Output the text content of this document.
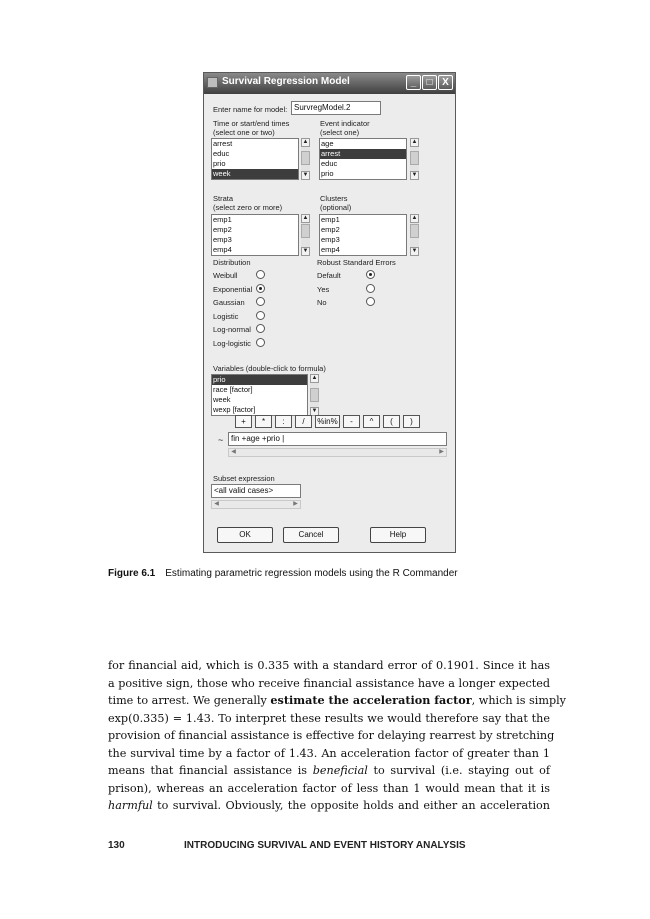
Survival Regression Model	_	□ X
Enter name for model: SurvregModel.2
Time or start/end times
(select one or two)
Event indicator
(select one)
arrest
educ
prio
week
▲
▼
age
arrest
educ
prio
▲
▼
Strata
(select zero or more)
Clusters
(optional)
emp1
emp2
emp3
emp4
▲
▼
emp1
emp2
emp3
emp4
▲
▼
Distribution
Weibull
Exponential
Gaussian
Logistic
Log-normal
Log-logistic
Robust Standard Errors
Default
Yes
No
Variables (double-click to formula)
prio
race [factor]
week
wexp [factor]
▲
▼
+	*	:	/	%in%	-	^	(	)
~ fin +age +prio |
◀	▶
Subset expression
<all valid cases>
◀	▶
OK	Cancel	Help
Figure 6.1 Estimating parametric regression models using the R Commander
for financial aid, which is 0.335 with a standard error of 0.1901. Since it has
a positive sign, those who receive financial assistance have a longer expected
time to arrest. We generally estimate the acceleration factor, which is simply
exp(0.335) = 1.43. To interpret these results we would therefore say that the
provision of financial assistance is effective for delaying rearrest by stretching
the survival time by a factor of 1.43. An acceleration factor of greater than 1
means that financial assistance is beneficial to survival (i.e. staying out of
prison), whereas an acceleration factor of less than 1 would mean that it is
harmful to survival. Obviously, the opposite holds and either an acceleration
130	INTRODUCING SURVIVAL AND EVENT HISTORY ANALYSIS
